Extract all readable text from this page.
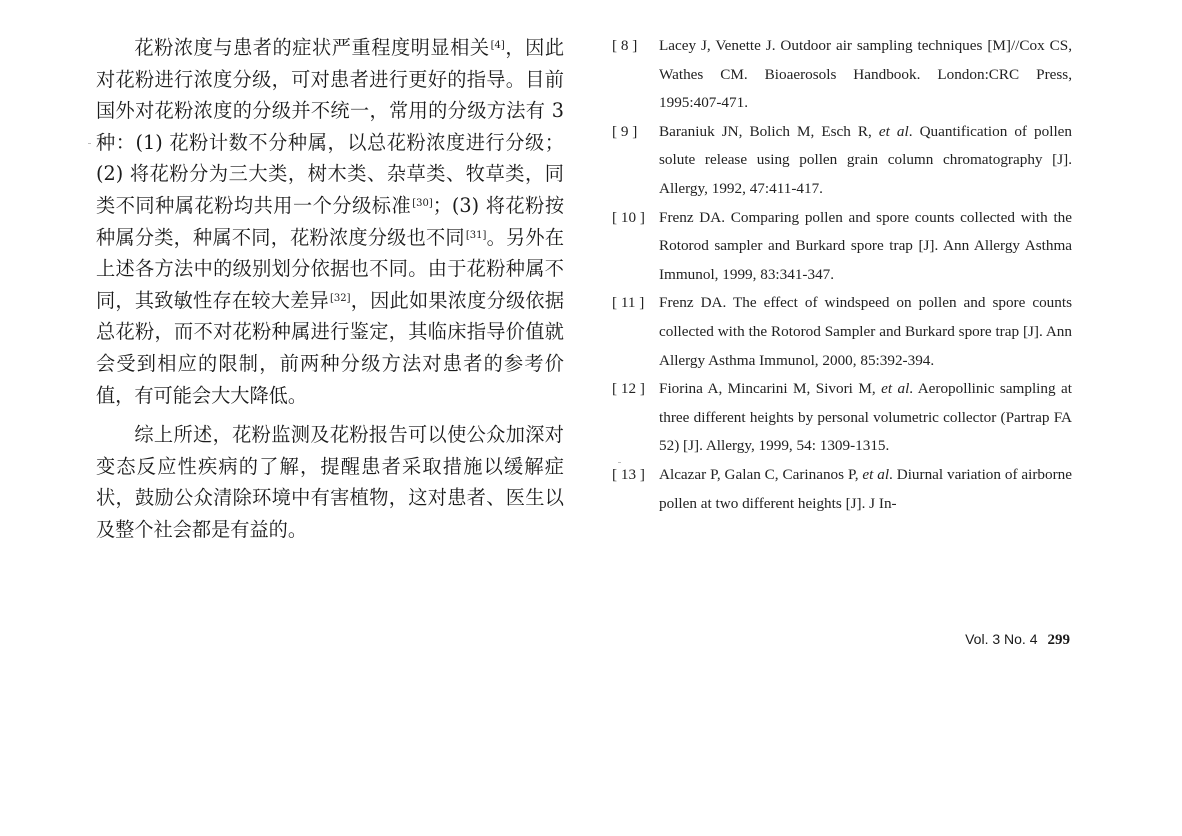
花粉浓度与患者的症状严重程度明显相关[4]，因此对花粉进行浓度分级，可对患者进行更好的指导。目前国外对花粉浓度的分级并不统一，常用的分级方法有 3 种：(1) 花粉计数不分种属，以总花粉浓度进行分级；(2) 将花粉分为三大类，树木类、杂草类、牧草类，同类不同种属花粉均共用一个分级标准[30]；(3) 将花粉按种属分类，种属不同，花粉浓度分级也不同[31]。另外在上述各方法中的级别划分依据也不同。由于花粉种属不同，其致敏性存在较大差异[32]，因此如果浓度分级依据总花粉，而不对花粉种属进行鉴定，其临床指导价值就会受到相应的限制，前两种分级方法对患者的参考价值，有可能会大大降低。

综上所述，花粉监测及花粉报告可以使公众加深对变态反应性疾病的了解，提醒患者采取措施以缓解症状，鼓励公众清除环境中有害植物，这对患者、医生以及整个社会都是有益的。

[ 8 ]	Lacey J, Venette J. Outdoor air sampling techniques [M]//Cox CS, Wathes CM. Bioaerosols Handbook. London:CRC Press, 1995:407-471.
[ 9 ]	Baraniuk JN, Bolich M, Esch R, et al. Quantification of pollen solute release using pollen grain column chromatography [J]. Allergy, 1992, 47:411-417.
[ 10 ] Frenz DA. Comparing pollen and spore counts collected with the Rotorod sampler and Burkard spore trap [J]. Ann Allergy Asthma Immunol, 1999, 83:341-347.
[ 11 ] Frenz DA. The effect of windspeed on pollen and spore counts collected with the Rotorod Sampler and Burkard spore trap [J]. Ann Allergy Asthma Immunol, 2000, 85:392-394.
[ 12 ] Fiorina A, Mincarini M, Sivori M, et al. Aeropollinic sampling at three different heights by personal volumetric collector (Partrap FA 52) [J]. Allergy, 1999, 54: 1309-1315.
[ 13 ] Alcazar P, Galan C, Carinanos P, et al. Diurnal variation of airborne pollen at two different heights [J]. J In-
Vol. 3 No. 4 299
